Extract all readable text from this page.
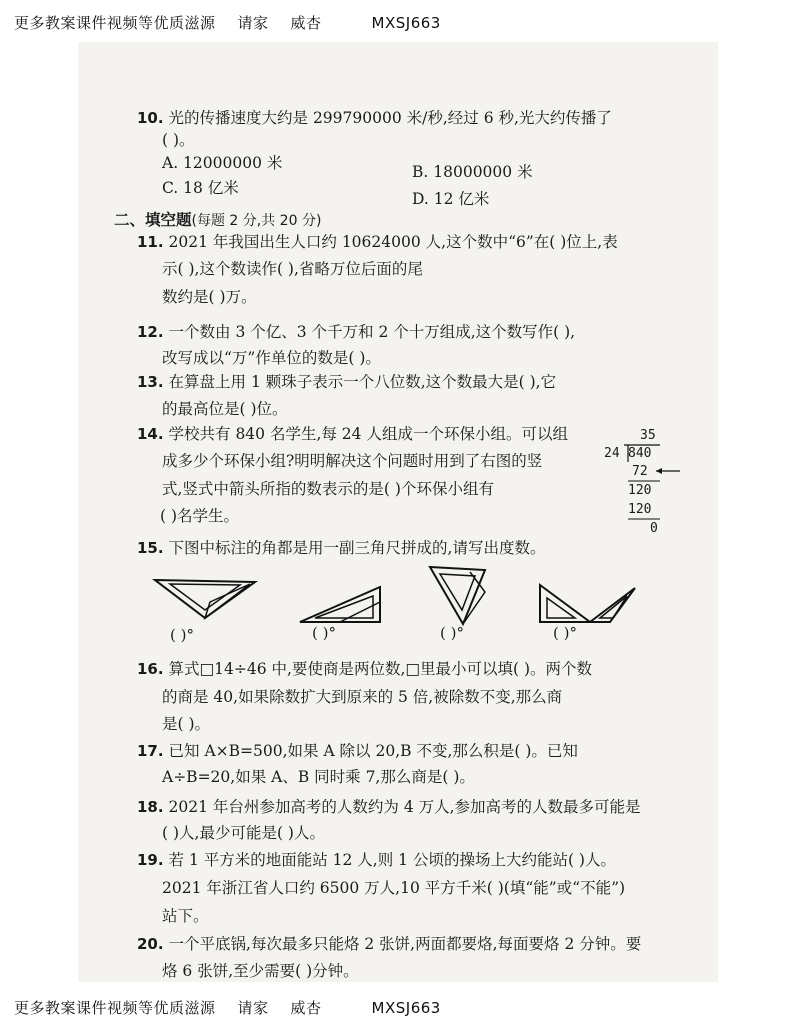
更多教案课件视频等优质滋源 请家 威杏	MXSJ663
10. 光的传播速度大约是 299790000 米/秒,经过 6 秒,光大约传播了
( )。
A. 12000000 米	B. 18000000 米
C. 18 亿米
D. 12 亿米
二、填空题(每题 2 分,共 20 分)
11. 2021 年我国出生人口约 10624000 人,这个数中“6”在( )位上,表
示( ),这个数读作( ),省略万位后面的尾
数约是( )万。
12. 一个数由 3 个亿、3 个千万和 2 个十万组成,这个数写作( ),
改写成以“万”作单位的数是( )。
13. 在算盘上用 1 颗珠子表示一个八位数,这个数最大是( ),它
的最高位是( )位。
14. 学校共有 840 名学生,每 24 人组成一个环保小组。可以组
成多少个环保小组?明明解决这个问题时用到了右图的竖
式,竖式中箭头所指的数表示的是( )个环保小组有
( )名学生。
35
24 840
72
120
120
0
15. 下图中标注的角都是用一副三角尺拼成的,请写出度数。
( )°	( )°	( )°	( )°
16. 算式□14÷46 中,要使商是两位数,□里最小可以填( )。两个数
的商是 40,如果除数扩大到原来的 5 倍,被除数不变,那么商
是( )。
17. 已知 A×B=500,如果 A 除以 20,B 不变,那么积是( )。已知
A÷B=20,如果 A、B 同时乘 7,那么商是( )。
18. 2021 年台州参加高考的人数约为 4 万人,参加高考的人数最多可能是
( )人,最少可能是( )人。
19. 若 1 平方米的地面能站 12 人,则 1 公顷的操场上大约能站( )人。
2021 年浙江省人口约 6500 万人,10 平方千米( )(填“能”或“不能”)
站下。
20. 一个平底锅,每次最多只能烙 2 张饼,两面都要烙,每面要烙 2 分钟。要
烙 6 张饼,至少需要( )分钟。
更多教案课件视频等优质滋源 请家 威杏	MXSJ663
